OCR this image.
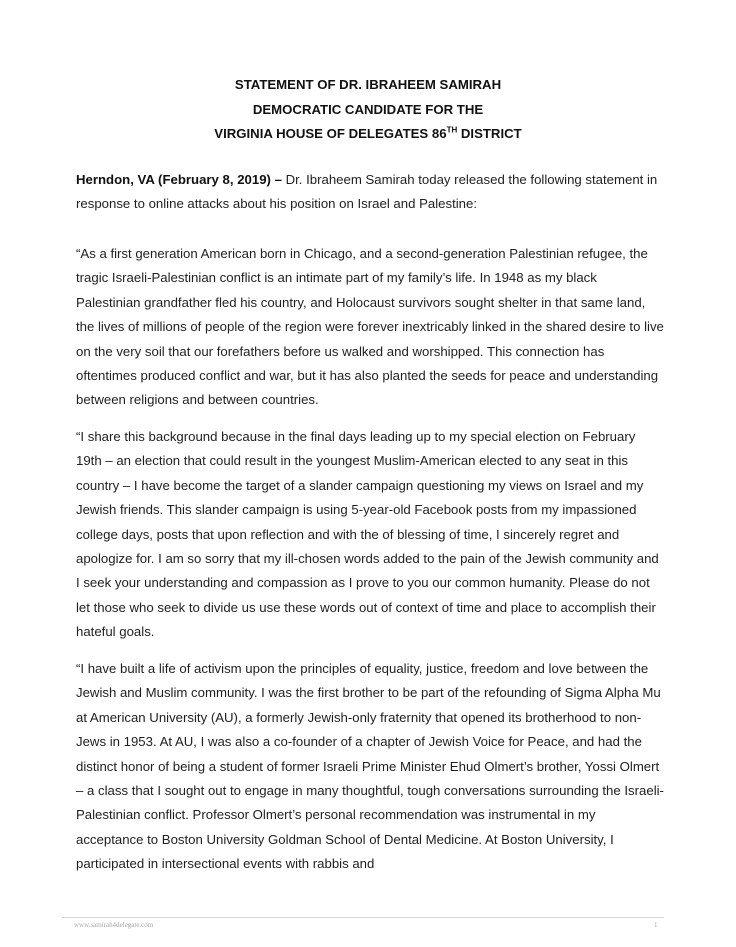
STATEMENT OF DR. IBRAHEEM SAMIRAH
DEMOCRATIC CANDIDATE FOR THE
VIRGINIA HOUSE OF DELEGATES 86TH DISTRICT

Herndon, VA (February 8, 2019) – Dr. Ibraheem Samirah today released the following statement in response to online attacks about his position on Israel and Palestine:

“As a first generation American born in Chicago, and a second-generation Palestinian refugee, the tragic Israeli-Palestinian conflict is an intimate part of my family’s life. In 1948 as my black Palestinian grandfather fled his country, and Holocaust survivors sought shelter in that same land, the lives of millions of people of the region were forever inextricably linked in the shared desire to live on the very soil that our forefathers before us walked and worshipped. This connection has oftentimes produced conflict and war, but it has also planted the seeds for peace and understanding between religions and between countries.

“I share this background because in the final days leading up to my special election on February 19th – an election that could result in the youngest Muslim-American elected to any seat in this country – I have become the target of a slander campaign questioning my views on Israel and my Jewish friends. This slander campaign is using 5-year-old Facebook posts from my impassioned college days, posts that upon reflection and with the of blessing of time, I sincerely regret and apologize for. I am so sorry that my ill-chosen words added to the pain of the Jewish community and I seek your understanding and compassion as I prove to you our common humanity. Please do not let those who seek to divide us use these words out of context of time and place to accomplish their hateful goals.

“I have built a life of activism upon the principles of equality, justice, freedom and love between the Jewish and Muslim community. I was the first brother to be part of the refounding of Sigma Alpha Mu at American University (AU), a formerly Jewish-only fraternity that opened its brotherhood to non-Jews in 1953. At AU, I was also a co-founder of a chapter of Jewish Voice for Peace, and had the distinct honor of being a student of former Israeli Prime Minister Ehud Olmert’s brother, Yossi Olmert – a class that I sought out to engage in many thoughtful, tough conversations surrounding the Israeli-Palestinian conflict. Professor Olmert’s personal recommendation was instrumental in my acceptance to Boston University Goldman School of Dental Medicine. At Boston University, I participated in intersectional events with rabbis and

www.samirah4delegate.com	1
